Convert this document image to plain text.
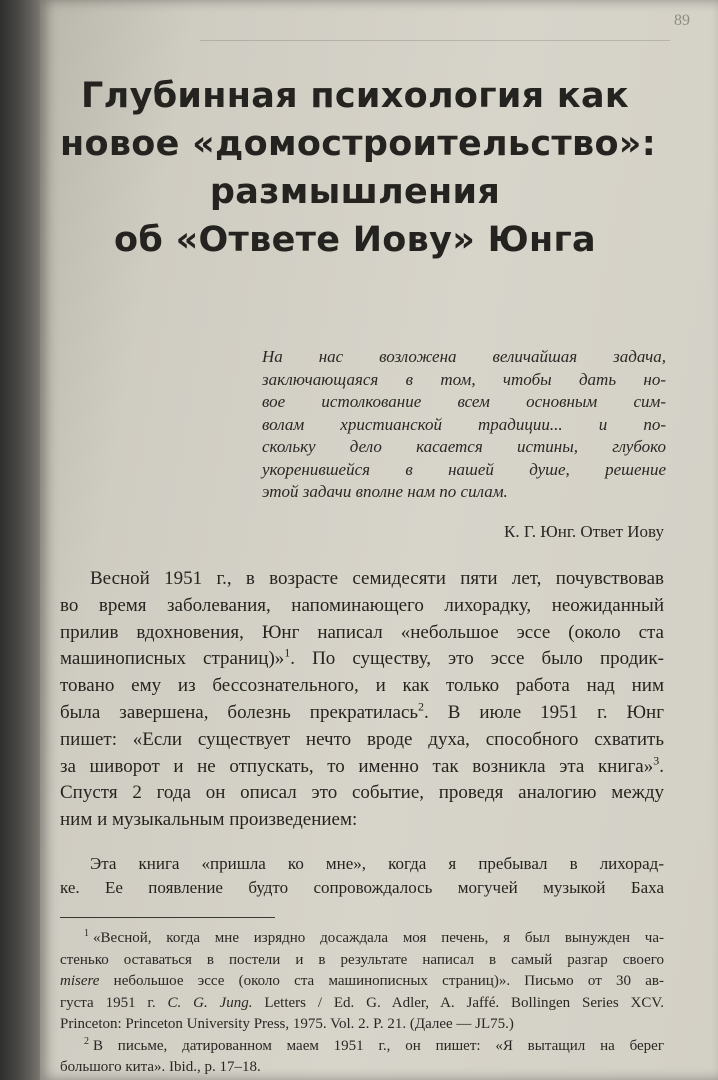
89
Глубинная психология как
новое «домостроительство»:
размышления
об «Ответе Иову» Юнга
На нас возложена величайшая задача,
заключающаяся в том, чтобы дать но-
вое истолкование всем основным сим-
волам христианской традиции... и по-
скольку дело касается истины, глубоко
укоренившейся в нашей душе, решение
этой задачи вполне нам по силам.
К. Г. Юнг. Ответ Иову
Весной 1951 г., в возрасте семидесяти пяти лет, почувствовав
во время заболевания, напоминающего лихорадку, неожиданный
прилив вдохновения, Юнг написал «небольшое эссе (около ста
машинописных страниц)»$^1$. По существу, это эссе было продик-
товано ему из бессознательного, и как только работа над ним
была завершена, болезнь прекратилась$^2$. В июле 1951 г. Юнг
пишет: «Если существует нечто вроде духа, способного схватить
за шиворот и не отпускать, то именно так возникла эта книга»$^3$.
Спустя 2 года он описал это событие, проведя аналогию между
ним и музыкальным произведением:
Эта книга «пришла ко мне», когда я пребывал в лихорад-
ке. Ее появление будто сопровождалось могучей музыкой Баха
$^1$ «Весной, когда мне изрядно досаждала моя печень, я был вынужден ча-
стенько оставаться в постели и в результате написал в самый разгар своего
misere небольшое эссе (около ста машинописных страниц)». Письмо от 30 ав-
густа 1951 г. C. G. Jung. Letters / Ed. G. Adler, A. Jaffé. Bollingen Series XCV.
Princeton: Princeton University Press, 1975. Vol. 2. P. 21. (Далее — JL75.)
$^2$ В письме, датированном маем 1951 г., он пишет: «Я вытащил на берег
большого кита». Ibid., p. 17–18.
